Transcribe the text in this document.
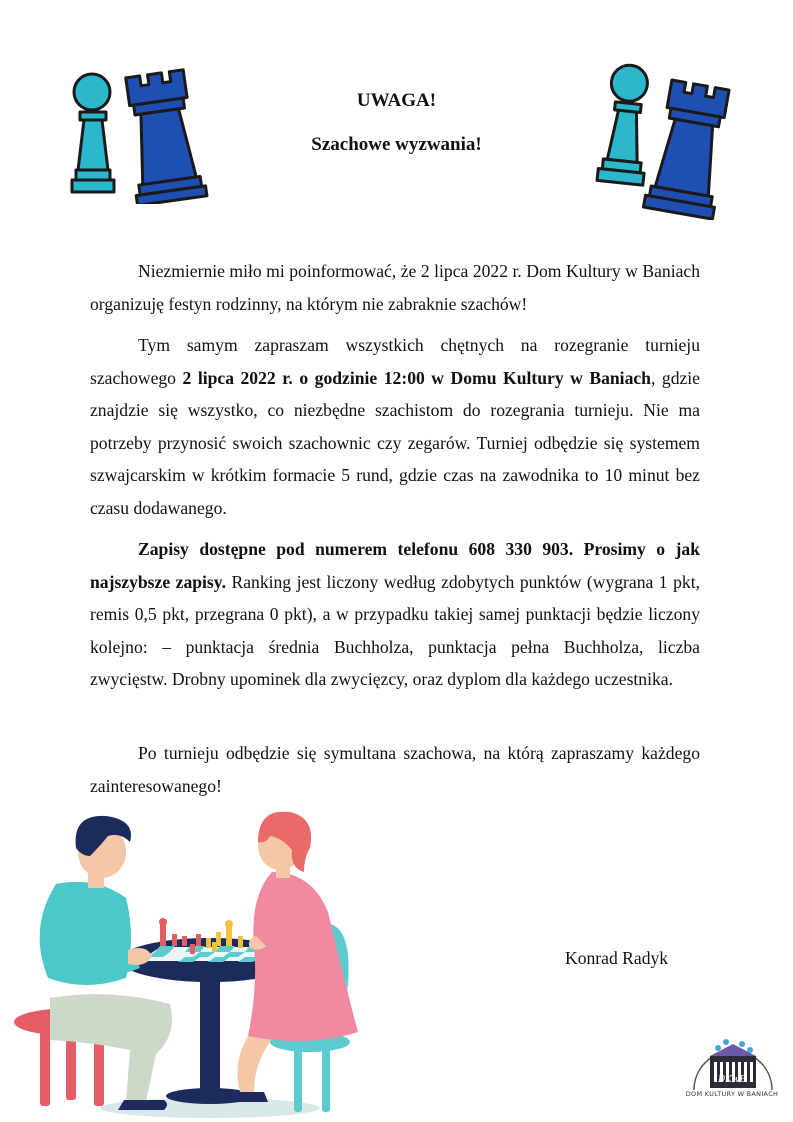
UWAGA!
Szachowe wyzwania!
Niezmiernie miło mi poinformować, że 2 lipca 2022 r. Dom Kultury w Baniach organizuję festyn rodzinny, na którym nie zabraknie szachów!
Tym samym zapraszam wszystkich chętnych na rozegranie turnieju szachowego 2 lipca 2022 r. o godzinie 12:00 w Domu Kultury w Baniach, gdzie znajdzie się wszystko, co niezbędne szachistom do rozegrania turnieju. Nie ma potrzeby przynosić swoich szachownic czy zegarów. Turniej odbędzie się systemem szwajcarskim w krótkim formacie 5 rund, gdzie czas na zawodnika to 10 minut bez czasu dodawanego.
Zapisy dostępne pod numerem telefonu 608 330 903. Prosimy o jak najszybsze zapisy. Ranking jest liczony według zdobytych punktów (wygrana 1 pkt, remis 0,5 pkt, przegrana 0 pkt), a w przypadku takiej samej punktacji będzie liczony kolejno: – punktacja średnia Buchholza, punktacja pełna Buchholza, liczba zwycięstw. Drobny upominek dla zwycięzcy, oraz dyplom dla każdego uczestnika.
Po turnieju odbędzie się symultana szachowa, na którą zapraszamy każdego zainteresowanego!
Konrad Radyk
DKwB
DOM KULTURY W BANIACH
